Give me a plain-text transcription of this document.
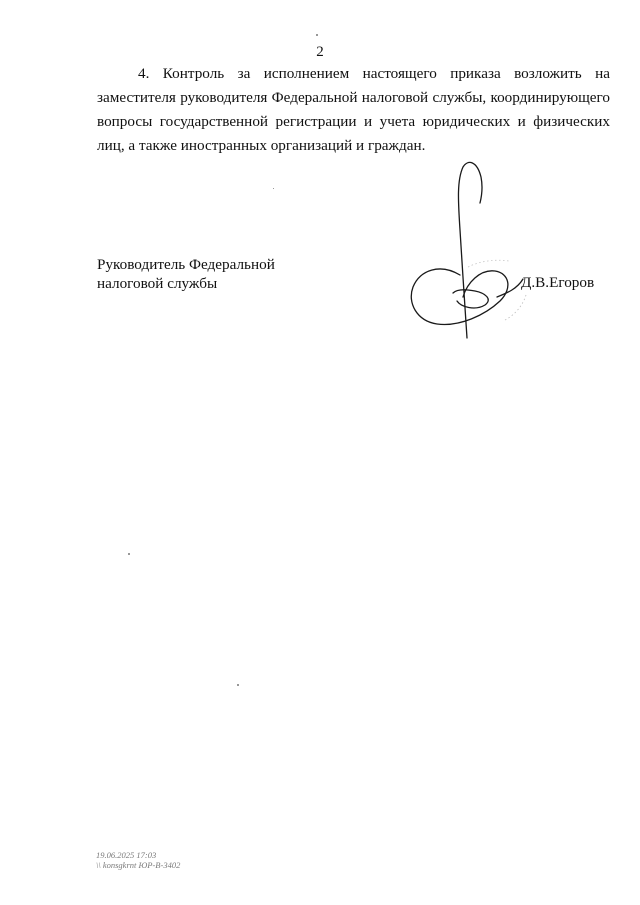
2
4. Контроль за исполнением настоящего приказа возложить на заместителя руководителя Федеральной налоговой службы, координирующего вопросы государственной регистрации и учета юридических и физических лиц, а также иностранных организаций и граждан.
Руководитель Федеральной
налоговой службы	Д.В.Егоров
19.06.2025 17:03
\\ konsgkrnt ЮР-В-3402
